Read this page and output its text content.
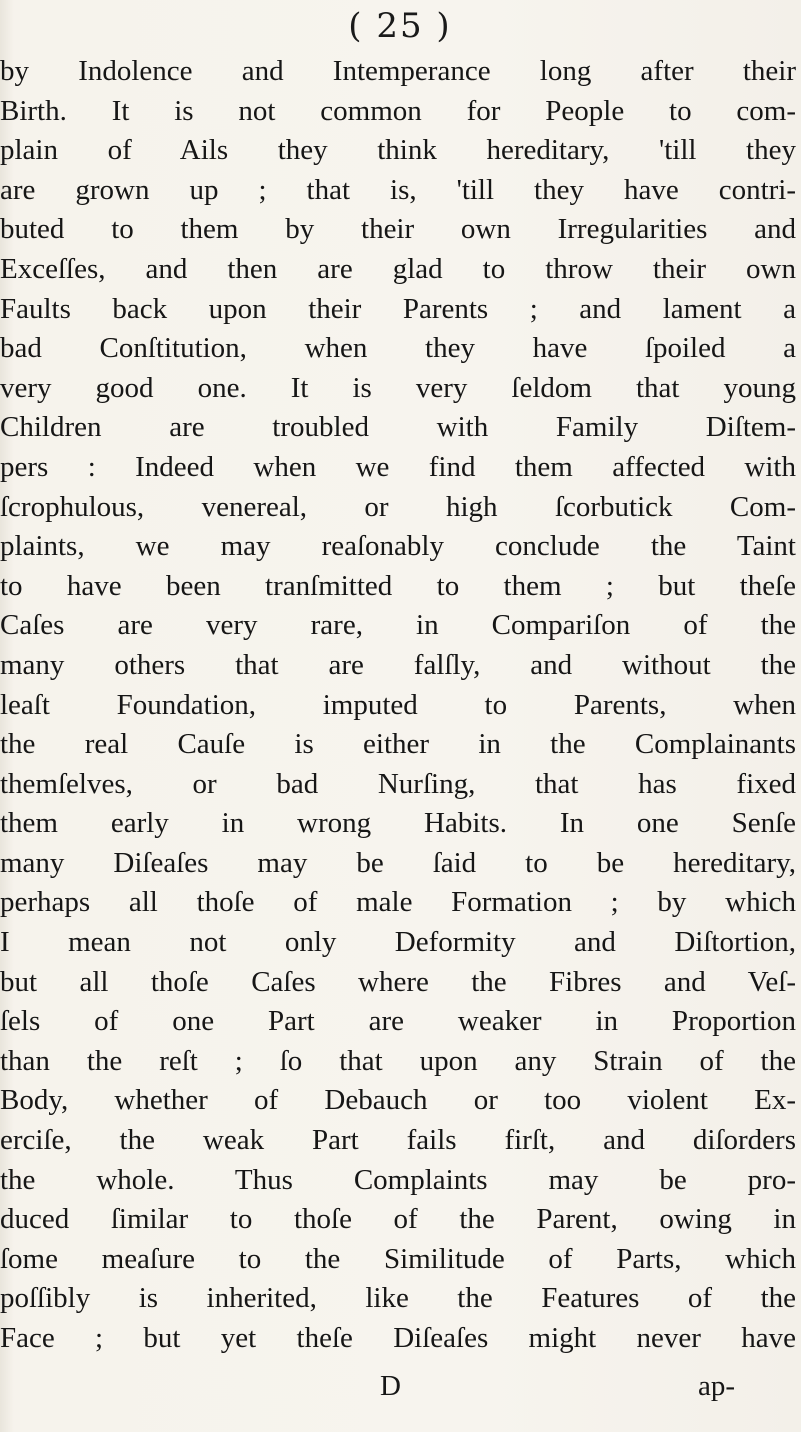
( 25 )
by Indolence and Intemperance long after their
Birth. It is not common for People to com-
plain of Ails they think hereditary, 'till they
are grown up ; that is, 'till they have contri-
buted to them by their own Irregularities and
Exceſſes, and then are glad to throw their own
Faults back upon their Parents ; and lament a
bad Conſtitution, when they have ſpoiled a
very good one. It is very ſeldom that young
Children are troubled with Family Diſtem-
pers : Indeed when we find them affected with
ſcrophulous, venereal, or high ſcorbutick Com-
plaints, we may reaſonably conclude the Taint
to have been tranſmitted to them ; but theſe
Caſes are very rare, in Compariſon of the
many others that are falſly, and without the
leaſt Foundation, imputed to Parents, when
the real Cauſe is either in the Complainants
themſelves, or bad Nurſing, that has fixed
them early in wrong Habits. In one Senſe
many Diſeaſes may be ſaid to be hereditary,
perhaps all thoſe of male Formation ; by which
I mean not only Deformity and Diſtortion,
but all thoſe Caſes where the Fibres and Veſ-
ſels of one Part are weaker in Proportion
than the reſt ; ſo that upon any Strain of the
Body, whether of Debauch or too violent Ex-
erciſe, the weak Part fails firſt, and diſorders
the whole. Thus Complaints may be pro-
duced ſimilar to thoſe of the Parent, owing in
ſome meaſure to the Similitude of Parts, which
poſſibly is inherited, like the Features of the
Face ; but yet theſe Diſeaſes might never have
D	ap-
